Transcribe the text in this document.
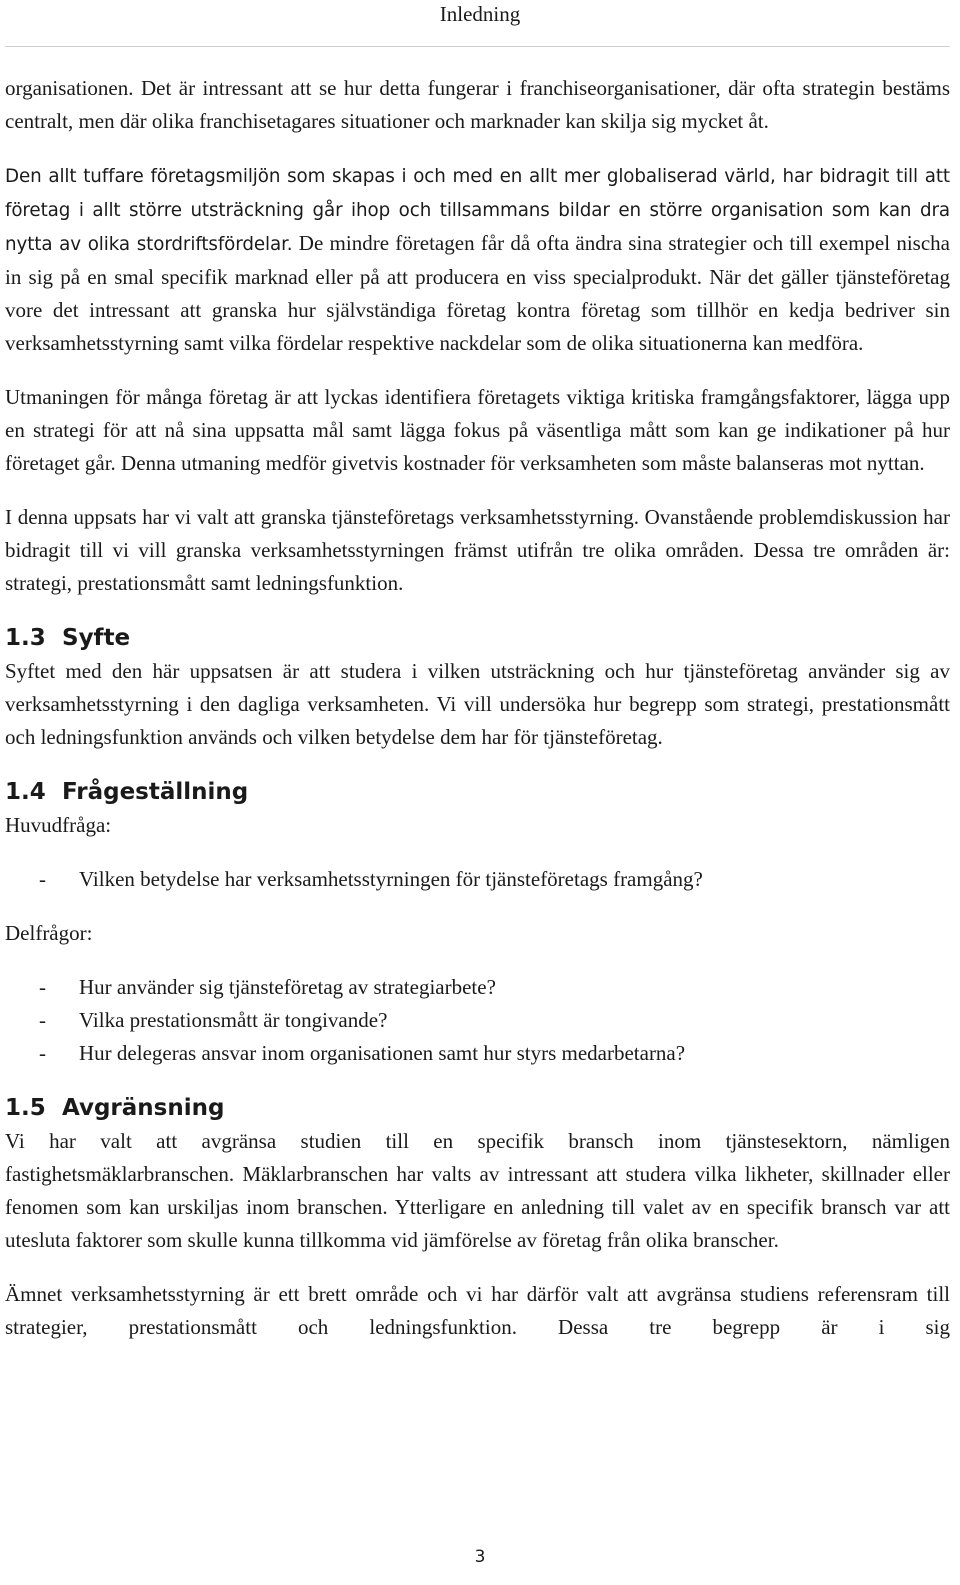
Inledning

organisationen. Det är intressant att se hur detta fungerar i franchiseorganisationer, där ofta strategin bestäms centralt, men där olika franchisetagares situationer och marknader kan skilja sig mycket åt.

Den allt tuffare företagsmiljön som skapas i och med en allt mer globaliserad värld, har bidragit till att företag i allt större utsträckning går ihop och tillsammans bildar en större organisation som kan dra nytta av olika stordriftsfördelar. De mindre företagen får då ofta ändra sina strategier och till exempel nischa in sig på en smal specifik marknad eller på att producera en viss specialprodukt. När det gäller tjänsteföretag vore det intressant att granska hur självständiga företag kontra företag som tillhör en kedja bedriver sin verksamhetsstyrning samt vilka fördelar respektive nackdelar som de olika situationerna kan medföra.

Utmaningen för många företag är att lyckas identifiera företagets viktiga kritiska framgångsfaktorer, lägga upp en strategi för att nå sina uppsatta mål samt lägga fokus på väsentliga mått som kan ge indikationer på hur företaget går. Denna utmaning medför givetvis kostnader för verksamheten som måste balanseras mot nyttan.

I denna uppsats har vi valt att granska tjänsteföretags verksamhetsstyrning. Ovanstående problemdiskussion har bidragit till vi vill granska verksamhetsstyrningen främst utifrån tre olika områden. Dessa tre områden är: strategi, prestationsmått samt ledningsfunktion.

1.3 Syfte

Syftet med den här uppsatsen är att studera i vilken utsträckning och hur tjänsteföretag använder sig av verksamhetsstyrning i den dagliga verksamheten. Vi vill undersöka hur begrepp som strategi, prestationsmått och ledningsfunktion används och vilken betydelse dem har för tjänsteföretag.

1.4 Frågeställning

Huvudfråga:

- Vilken betydelse har verksamhetsstyrningen för tjänsteföretags framgång?

Delfrågor:

- Hur använder sig tjänsteföretag av strategiarbete?
- Vilka prestationsmått är tongivande?
- Hur delegeras ansvar inom organisationen samt hur styrs medarbetarna?
1.5 Avgränsning

Vi har valt att avgränsa studien till en specifik bransch inom tjänstesektorn, nämligen fastighetsmäklarbranschen. Mäklarbranschen har valts av intressant att studera vilka likheter, skillnader eller fenomen som kan urskiljas inom branschen. Ytterligare en anledning till valet av en specifik bransch var att utesluta faktorer som skulle kunna tillkomma vid jämförelse av företag från olika branscher.

Ämnet verksamhetsstyrning är ett brett område och vi har därför valt att avgränsa studiens referensram till strategier, prestationsmått och ledningsfunktion. Dessa tre begrepp är i sig

3
